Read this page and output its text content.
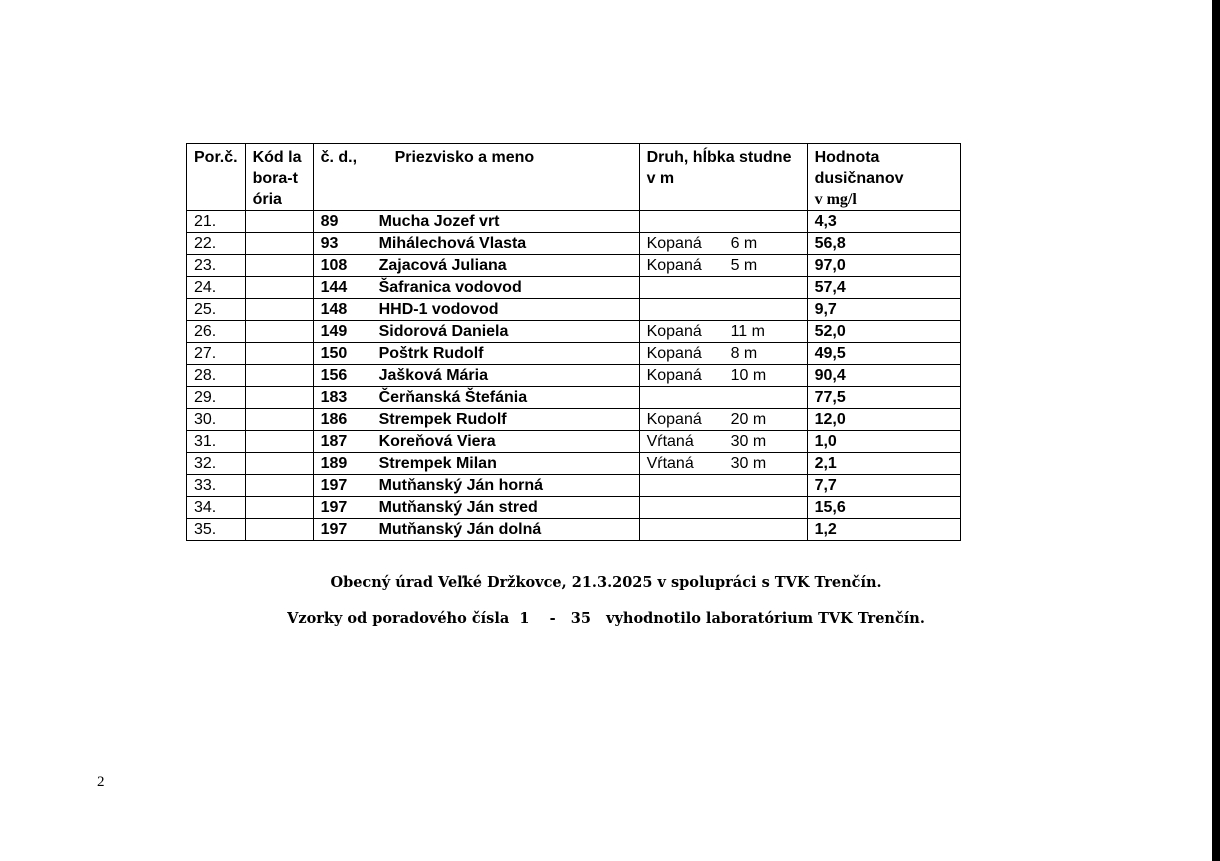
Por.č.	Kód labora-tória	č. d., Priezvisko a meno	Druh, hĺbka studne v m	Hodnota dusičnanov
v mg/l
21.		89 Mucha Jozef vrt		4,3
22.		93 Mihálechová Vlasta	Kopaná 6 m	56,8
23.		108 Zajacová Juliana	Kopaná 5 m	97,0
24.		144 Šafranica vodovod		57,4
25.		148 HHD-1 vodovod		9,7
26.		149 Sidorová Daniela	Kopaná 11 m	52,0
27.		150 Poštrk Rudolf	Kopaná 8 m	49,5
28.		156 Jašková Mária	Kopaná 10 m	90,4
29.		183 Čerňanská Štefánia		77,5
30.		186 Strempek Rudolf	Kopaná 20 m	12,0
31.		187 Koreňová Viera	Vŕtaná 30 m	1,0
32.		189 Strempek Milan	Vŕtaná 30 m	2,1
33.		197 Mutňanský Ján horná		7,7
34.		197 Mutňanský Ján stred		15,6
35.		197 Mutňanský Ján dolná		1,2
Obecný úrad Veľké Držkovce, 21.3.2025 v spolupráci s TVK Trenčín.
Vzorky od poradového čísla  1    -   35   vyhodnotilo laboratórium TVK Trenčín.
2
